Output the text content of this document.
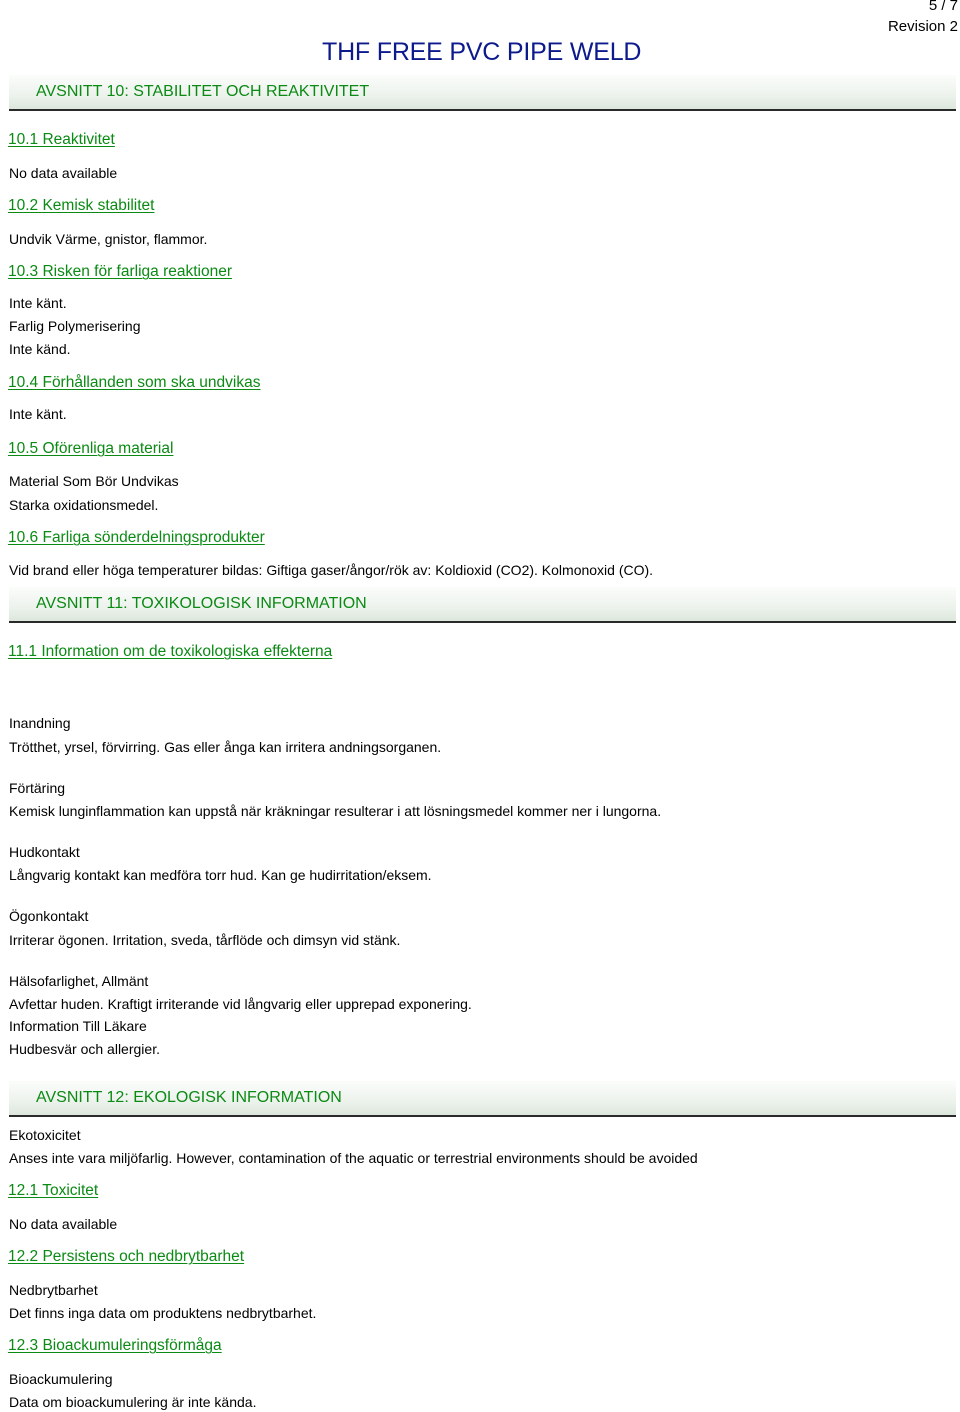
5 / 7
Revision 2
THF FREE PVC PIPE WELD
AVSNITT 10: STABILITET OCH REAKTIVITET
10.1 Reaktivitet
No data available
10.2 Kemisk stabilitet
Undvik Värme, gnistor, flammor.
10.3 Risken för farliga reaktioner
Inte känt.
Farlig Polymerisering
Inte känd.
10.4 Förhållanden som ska undvikas
Inte känt.
10.5 Oförenliga material
Material Som Bör Undvikas
Starka oxidationsmedel.
10.6 Farliga sönderdelningsprodukter
Vid brand eller höga temperaturer bildas: Giftiga gaser/ångor/rök av: Koldioxid (CO2). Kolmonoxid (CO).
AVSNITT 11: TOXIKOLOGISK INFORMATION
11.1 Information om de toxikologiska effekterna
Inandning
Trötthet, yrsel, förvirring. Gas eller ånga kan irritera andningsorganen.
Förtäring
Kemisk lunginflammation kan uppstå när kräkningar resulterar i att lösningsmedel kommer ner i lungorna.
Hudkontakt
Långvarig kontakt kan medföra torr hud. Kan ge hudirritation/eksem.
Ögonkontakt
Irriterar ögonen. Irritation, sveda, tårflöde och dimsyn vid stänk.
Hälsofarlighet, Allmänt
Avfettar huden. Kraftigt irriterande vid långvarig eller upprepad exponering.
Information Till Läkare
Hudbesvär och allergier.
AVSNITT 12: EKOLOGISK INFORMATION
Ekotoxicitet
Anses inte vara miljöfarlig. However, contamination of the aquatic or terrestrial environments should be avoided
12.1 Toxicitet
No data available
12.2 Persistens och nedbrytbarhet
Nedbrytbarhet
Det finns inga data om produktens nedbrytbarhet.
12.3 Bioackumuleringsförmåga
Bioackumulering
Data om bioackumulering är inte kända.
